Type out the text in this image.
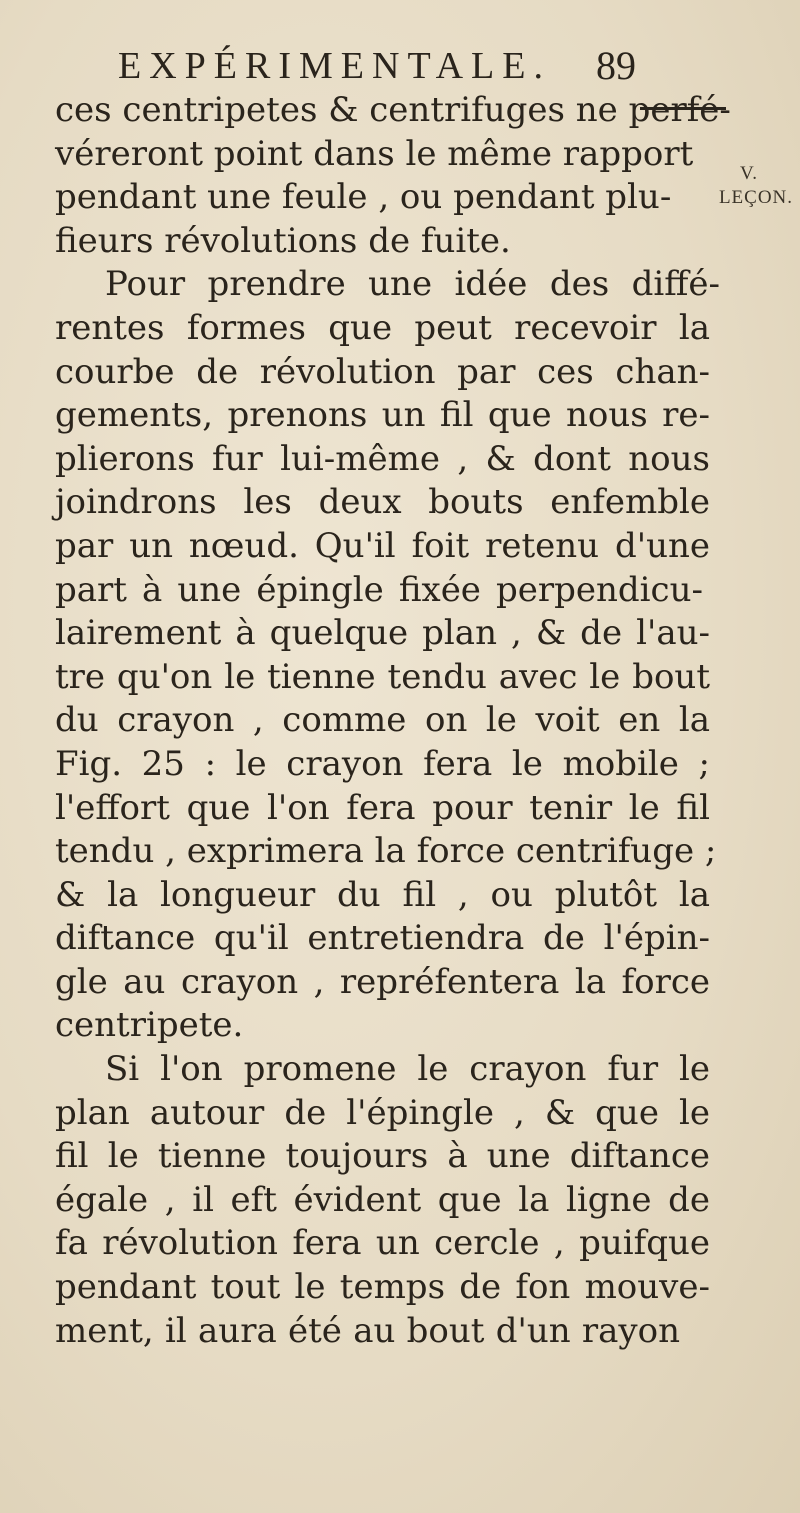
EXPÉRIMENTALE. 89
V.
LEÇON.
ces centripetes & centrifuges ne perfé-
véreront point dans le même rapport
pendant une feule , ou pendant plu-
fieurs révolutions de fuite.
Pour prendre une idée des diffé-
rentes formes que peut recevoir la
courbe de révolution par ces chan-
gements, prenons un fil que nous re-
plierons fur lui-même , & dont nous
joindrons les deux bouts enfemble
par un nœud. Qu'il foit retenu d'une
part à une épingle fixée perpendicu-
lairement à quelque plan , & de l'au-
tre qu'on le tienne tendu avec le bout
du crayon , comme on le voit en la
Fig. 25 : le crayon fera le mobile ;
l'effort que l'on fera pour tenir le fil
tendu , exprimera la force centrifuge ;
& la longueur du fil , ou plutôt la
diftance qu'il entretiendra de l'épin-
gle au crayon , repréfentera la force
centripete.
Si l'on promene le crayon fur le
plan autour de l'épingle , & que le
fil le tienne toujours à une diftance
égale , il eft évident que la ligne de
fa révolution fera un cercle , puifque
pendant tout le temps de fon mouve-
ment, il aura été au bout d'un rayon
